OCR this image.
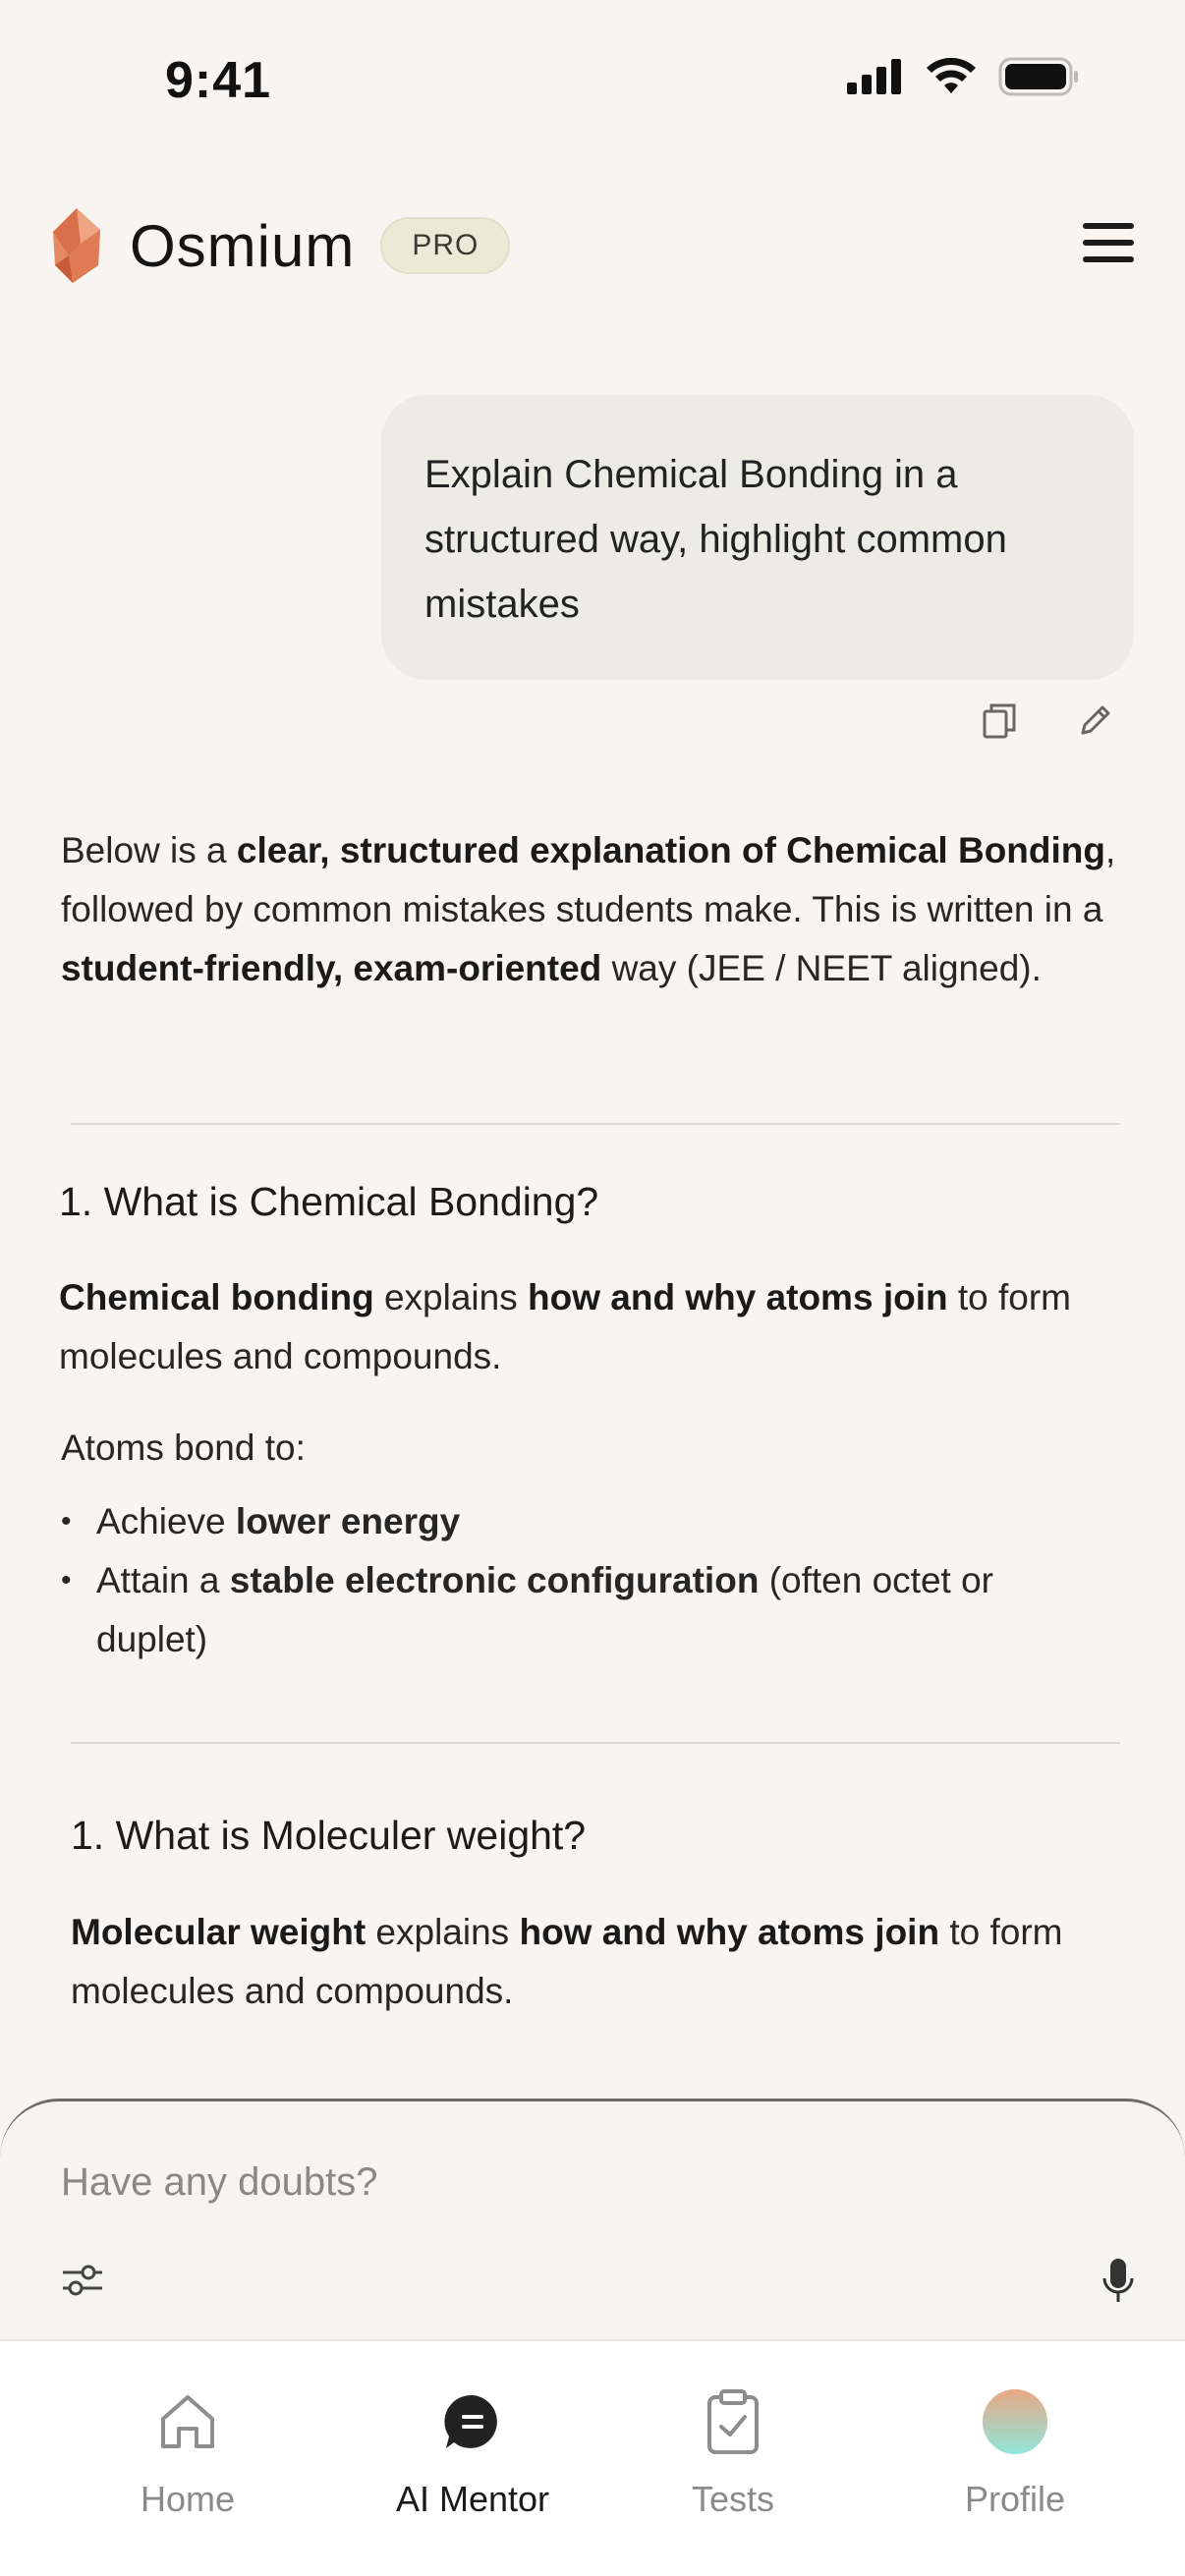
9:41
Osmium	PRO
Explain Chemical Bonding in a structured way, highlight common mistakes
Below is a clear, structured explanation of Chemical Bonding, followed by common mistakes students make. This is written in a student-friendly, exam-oriented way (JEE / NEET aligned).
1. What is Chemical Bonding?
Chemical bonding explains how and why atoms join to form molecules and compounds.
Atoms bond to:
• Achieve lower energy
• Attain a stable electronic configuration (often octet or duplet)
1. What is Moleculer weight?
Molecular weight explains how and why atoms join to form molecules and compounds.
Have any doubts?
Home	AI Mentor	Tests	Profile
